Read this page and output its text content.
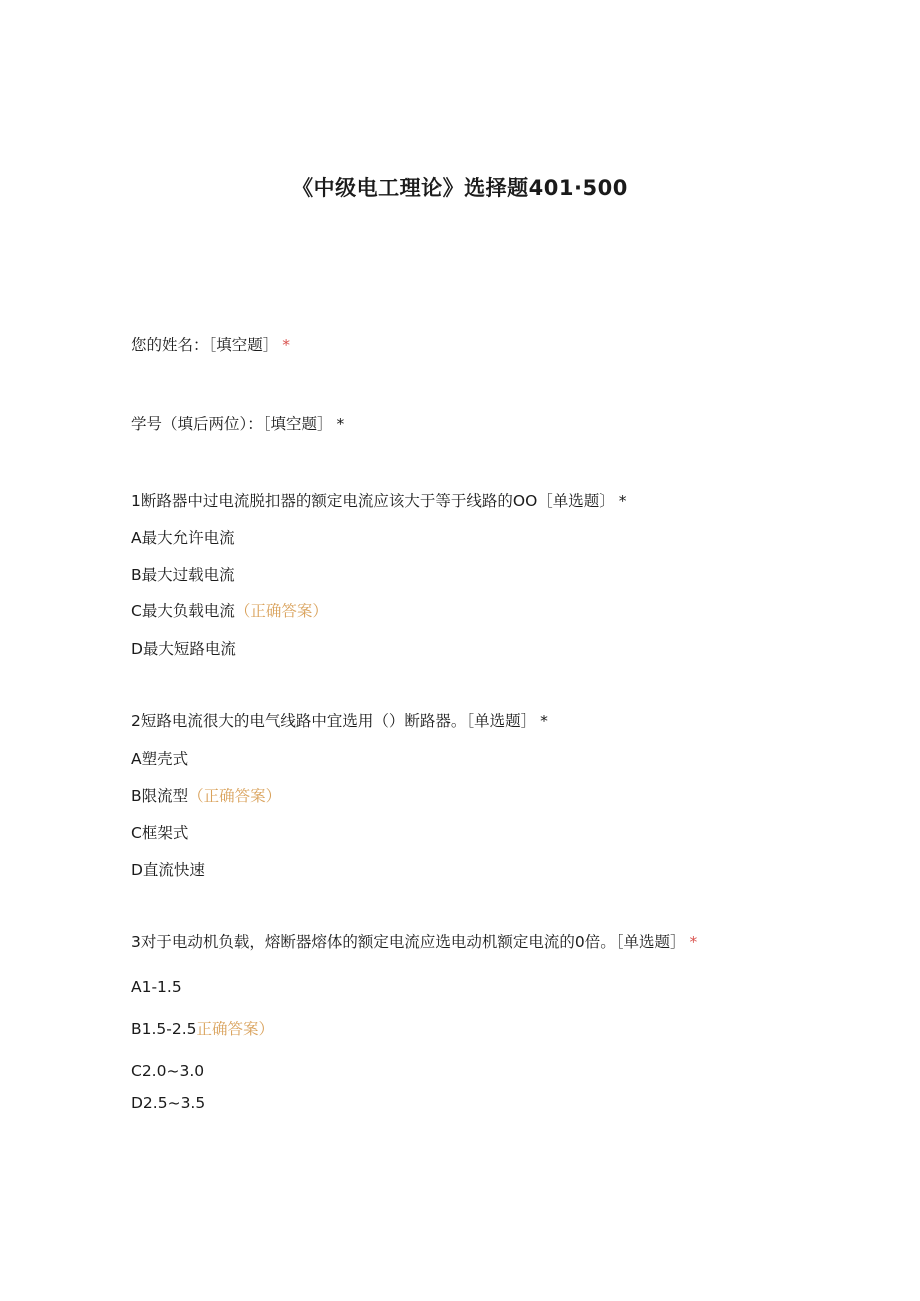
《中级电工理论》选择题401·500
您的姓名：［填空题］ *
学号（填后两位）：［填空题］ *
1断路器中过电流脱扣器的额定电流应该大于等于线路的OO［单选题〕 *
A最大允许电流
B最大过载电流
C最大负载电流（正确答案）
D最大短路电流
2短路电流很大的电气线路中宜选用（）断路器。［单选题］ *
A塑壳式
B限流型（正确答案）
C框架式
D直流快速
3对于电动机负载，熔断器熔体的额定电流应选电动机额定电流的0倍。［单选题］ *
A1-1.5
B1.5-2.5正确答案）
C2.0~3.0
D2.5~3.5
